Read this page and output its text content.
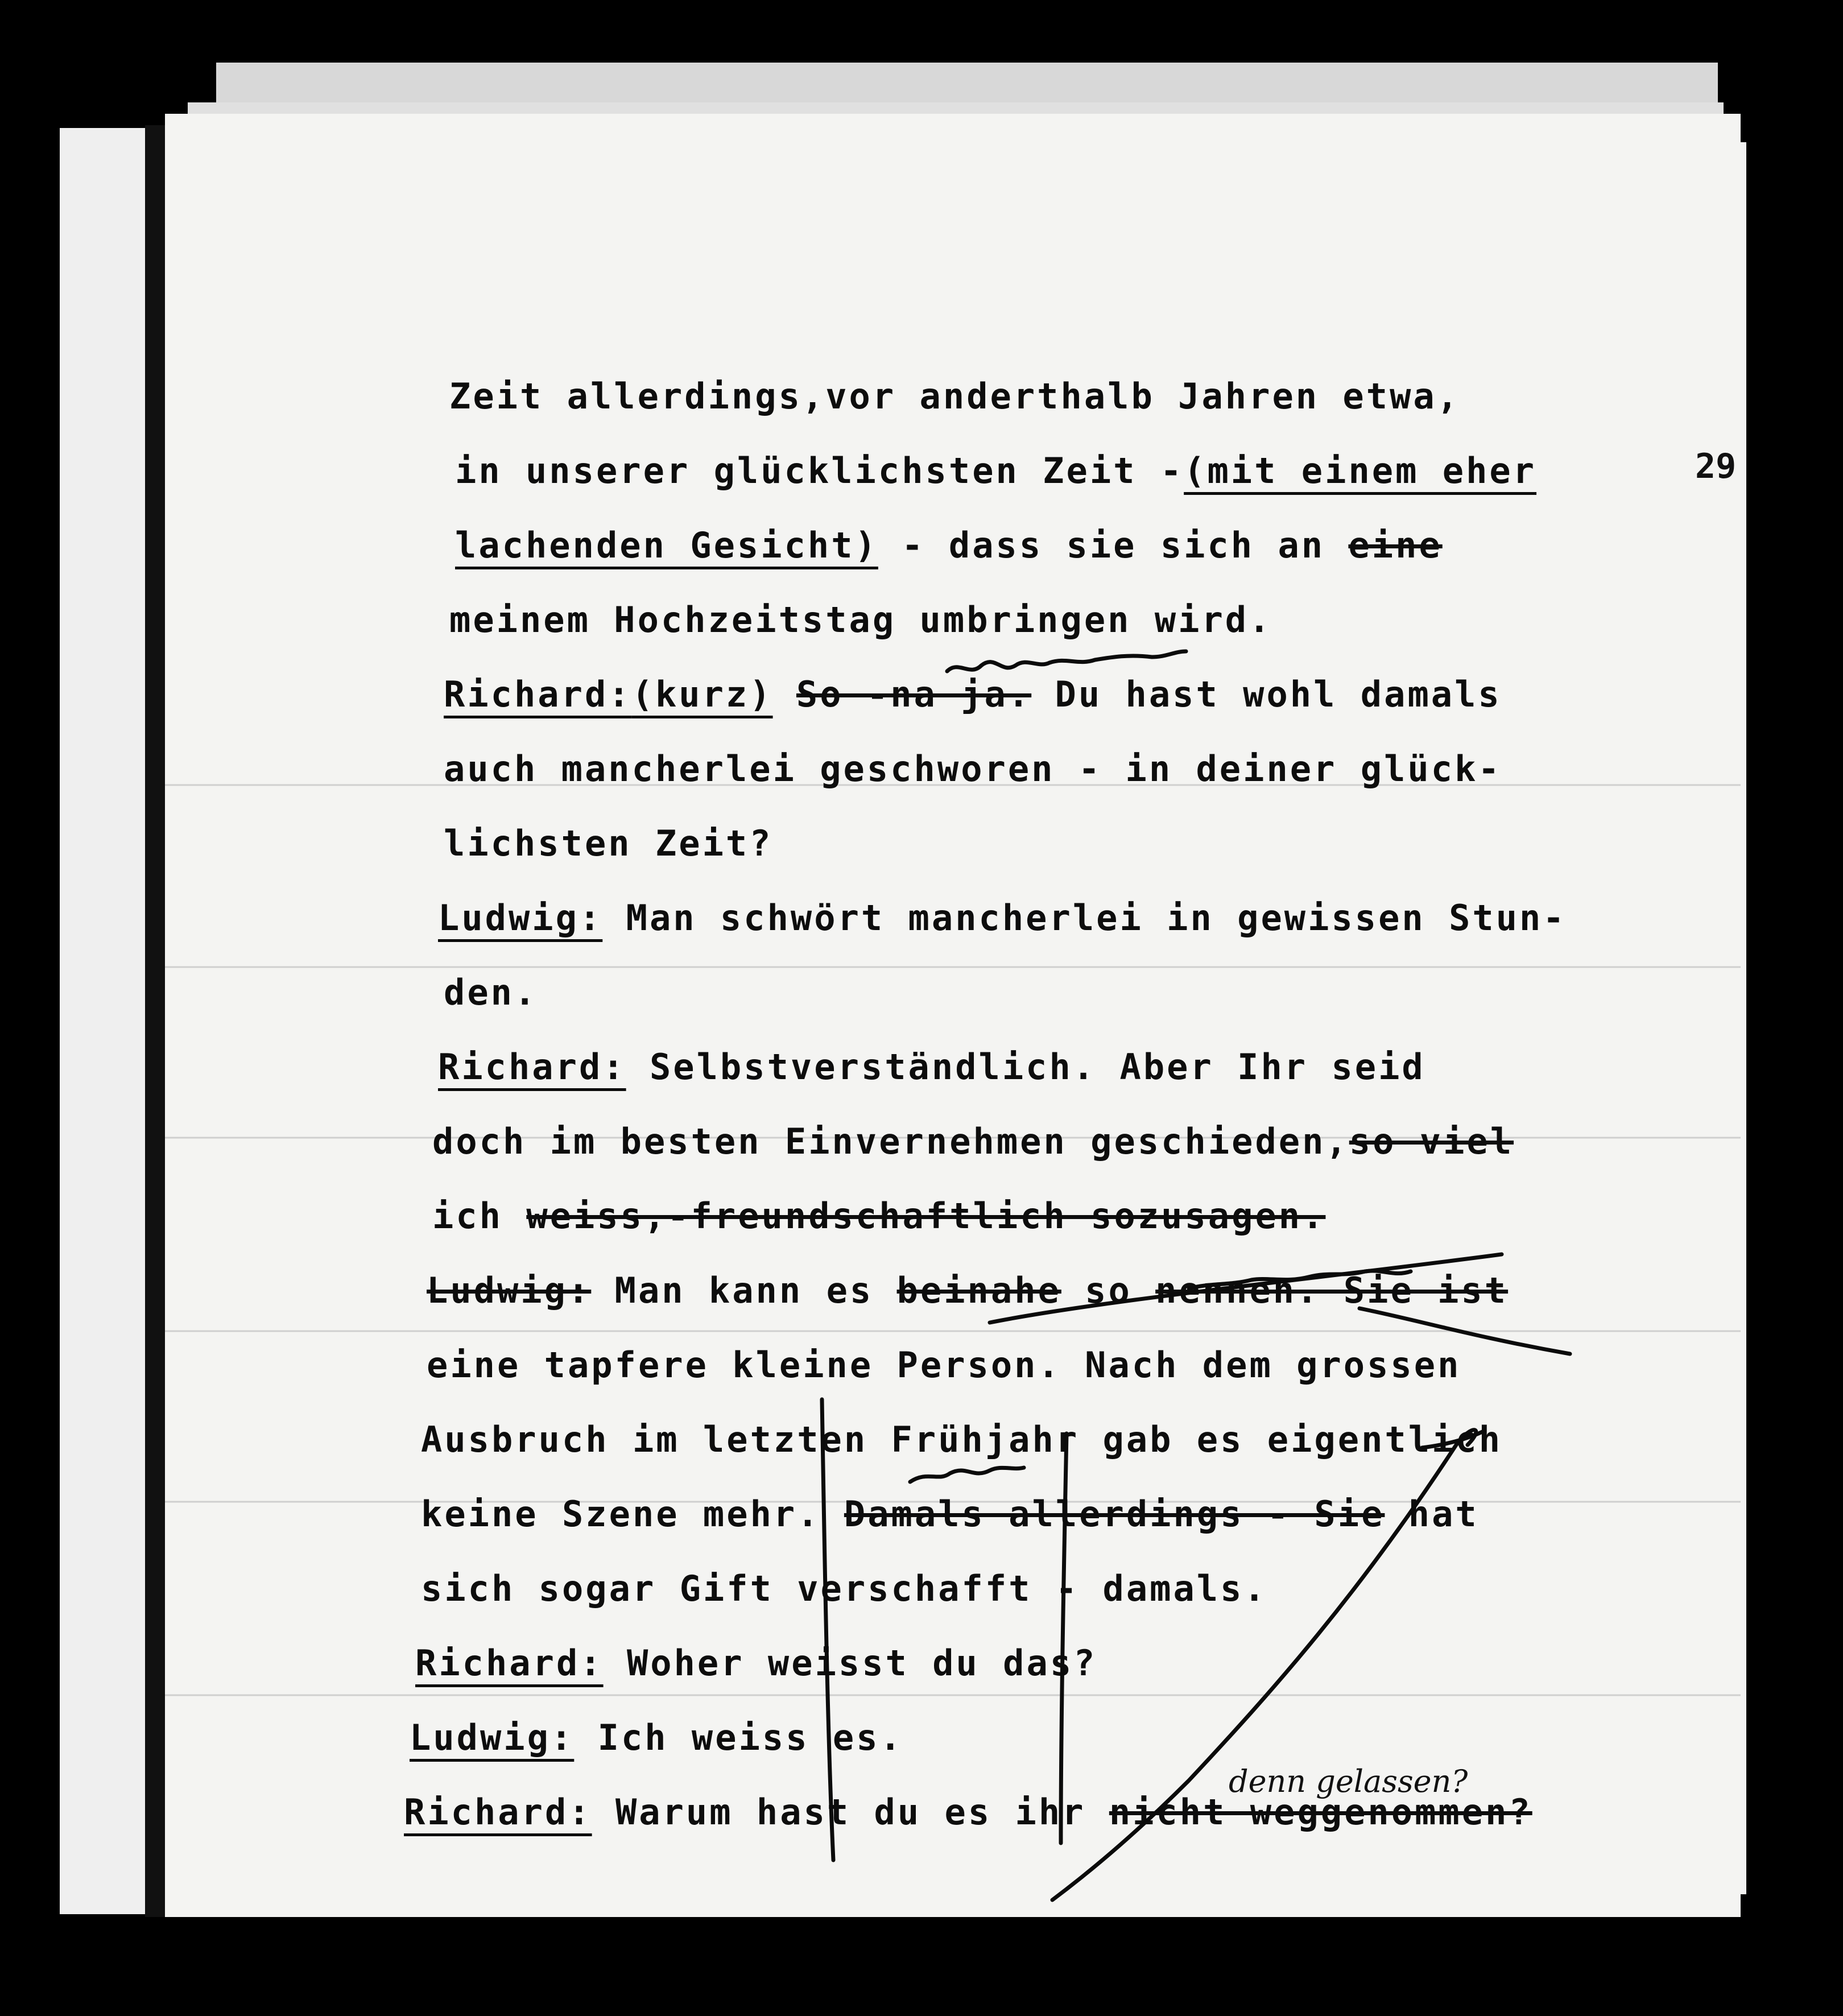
29
Zeit allerdings,vor anderthalb Jahren etwa,
in unserer glücklichsten Zeit -(mit einem eher
lachenden Gesicht) - dass sie sich an eine
meinem Hochzeitstag umbringen wird.
Richard:(kurz) So -na ja. Du hast wohl damals
auch mancherlei geschworen - in deiner glück-
lichsten Zeit?
Ludwig: Man schwört mancherlei in gewissen Stun-
den.
Richard: Selbstverständlich. Aber Ihr seid
doch im besten Einvernehmen geschieden,so viel
ich weiss,-freundschaftlich sozusagen.
Ludwig: Man kann es beinahe so nennen. Sie ist
eine tapfere kleine Person. Nach dem grossen
Ausbruch im letzten Frühjahr gab es eigentlich
keine Szene mehr. Damals allerdings - Sie hat
sich sogar Gift verschafft - damals.
Richard: Woher weisst du das?
Ludwig: Ich weiss es.
Richard: Warum hast du es ihr nicht weggenommen?
denn gelassen?
